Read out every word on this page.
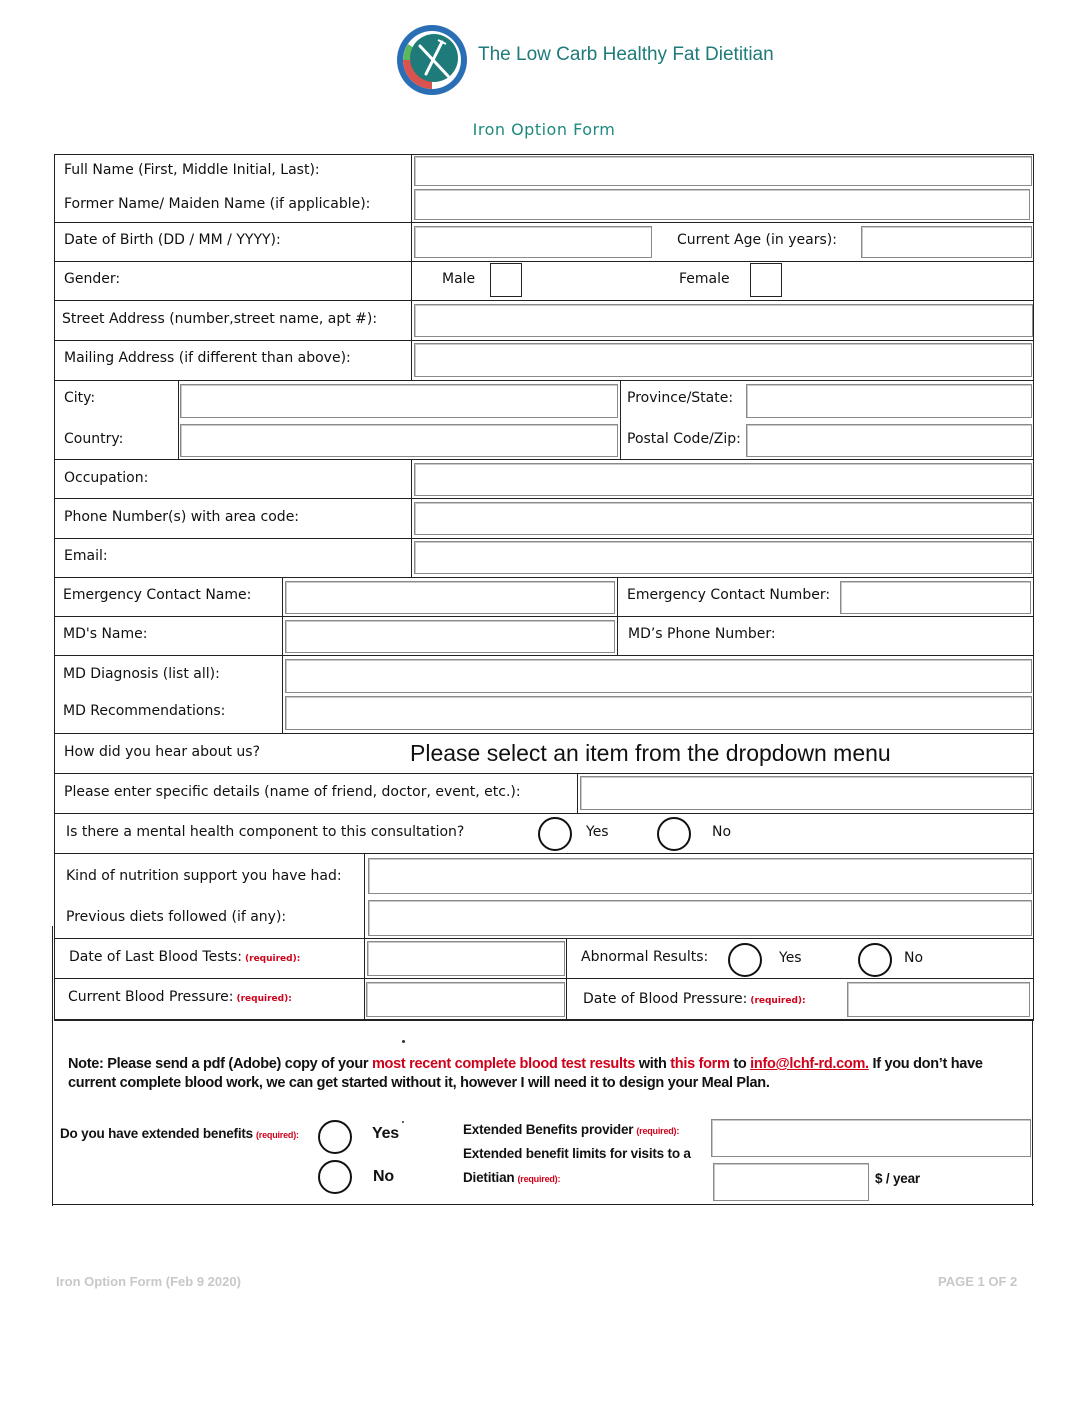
The Low Carb Healthy Fat Dietitian
Iron Option Form
Full Name (First, Middle Initial, Last):
Former Name/ Maiden Name (if applicable):
Date of Birth (DD / MM / YYYY):	Current Age (in years):
Gender:	Male	Female
Street Address (number,street name, apt #):
Mailing Address (if different than above):
City:	Province/State:
Country:	Postal Code/Zip:
Occupation:
Phone Number(s) with area code:
Email:
Emergency Contact Name:	Emergency Contact Number:
MD's Name:	MD’s Phone Number:
MD Diagnosis (list all):
MD Recommendations:
How did you hear about us?	Please select an item from the dropdown menu
Please enter specific details (name of friend, doctor, event, etc.):
Is there a mental health component to this consultation?	Yes	No
Kind of nutrition support you have had:
Previous diets followed (if any):
Date of Last Blood Tests: (required):	Abnormal Results:	Yes	No
Current Blood Pressure: (required):	Date of Blood Pressure: (required):
Note: Please send a pdf (Adobe) copy of your most recent complete blood test results with this form to info@lchf-rd.com. If you don’t have current complete blood work, we can get started without it, however I will need it to design your Meal Plan.
Do you have extended benefits (required):	Yes
No
Extended Benefits provider (required):
Extended benefit limits for visits to a
Dietitian (required):	$ / year
Iron Option Form (Feb 9 2020)	PAGE 1 OF 2
